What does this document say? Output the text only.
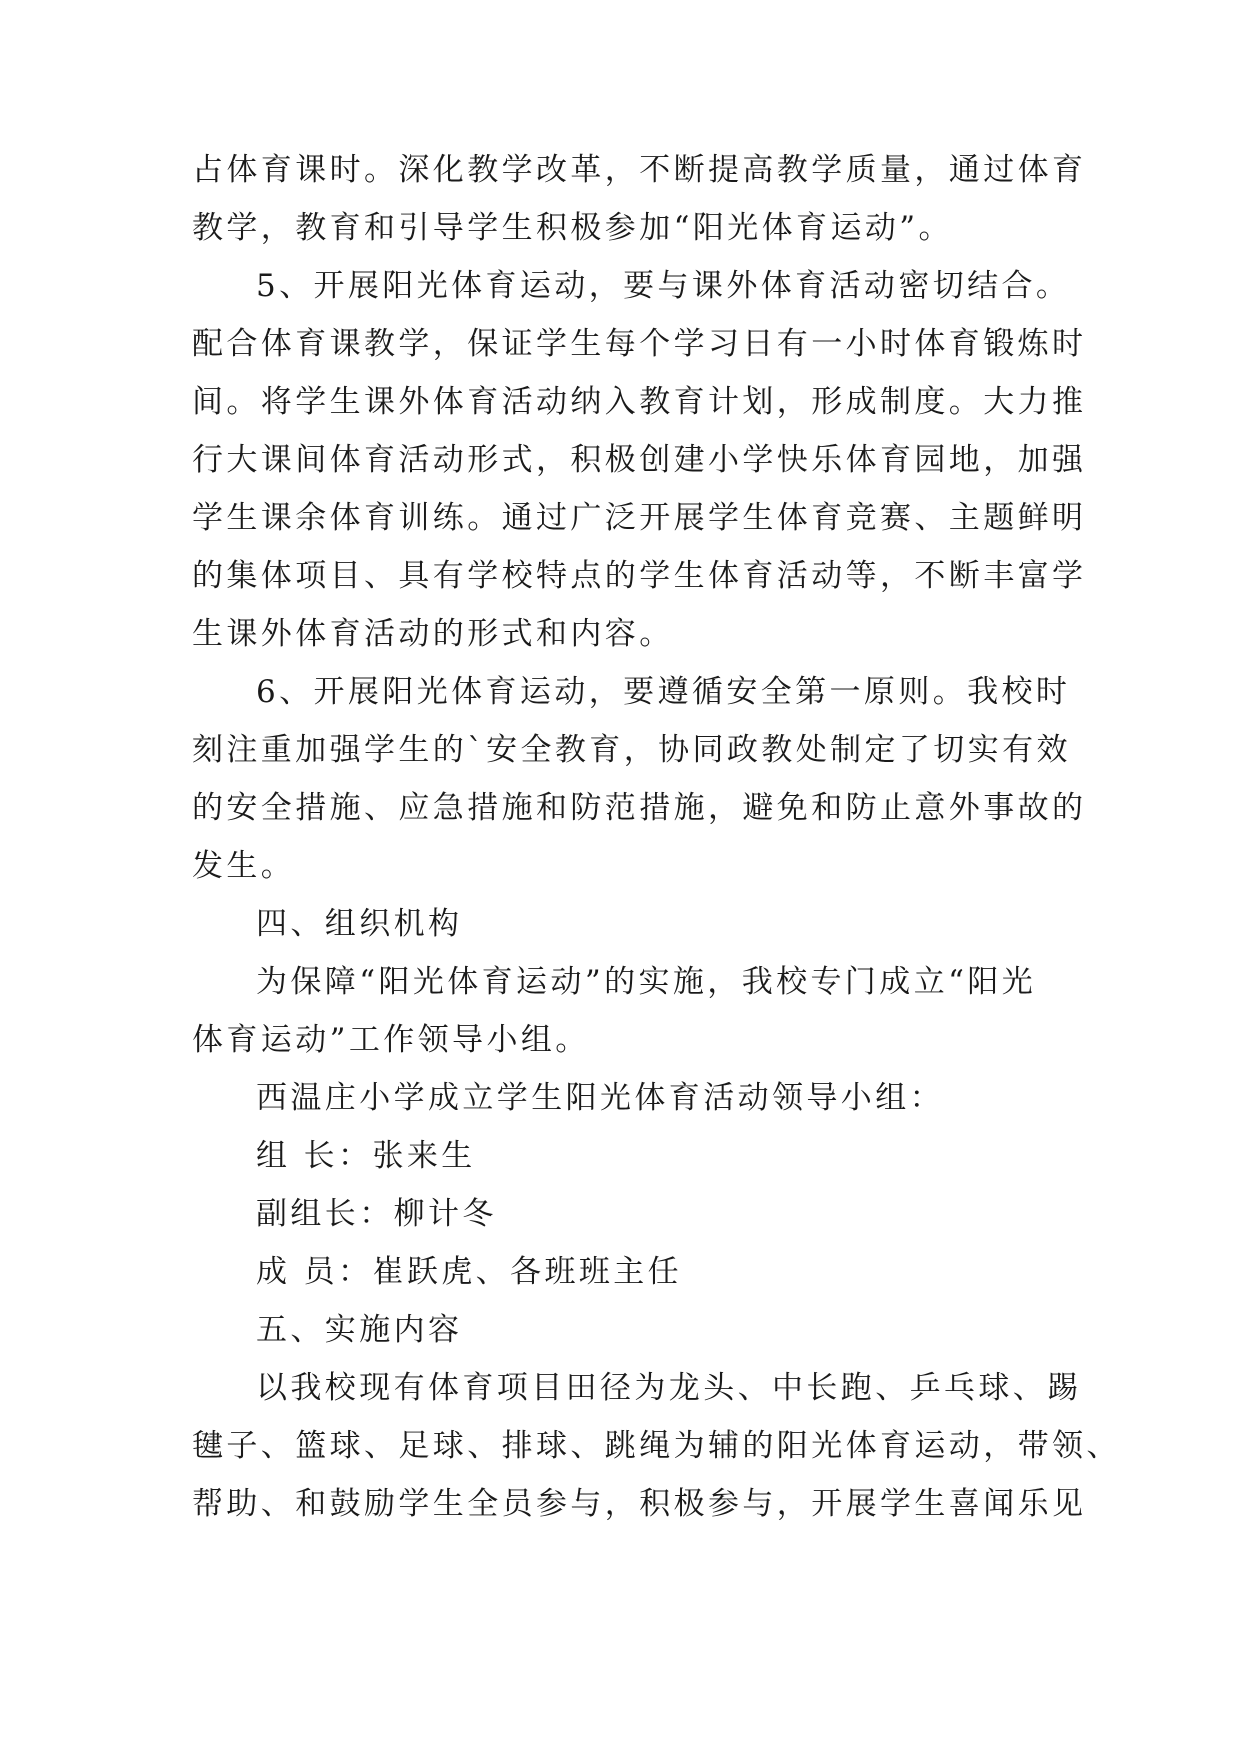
占体育课时。深化教学改革，不断提高教学质量，通过体育
教学，教育和引导学生积极参加“阳光体育运动”。
5、开展阳光体育运动，要与课外体育活动密切结合。
配合体育课教学，保证学生每个学习日有一小时体育锻炼时
间。将学生课外体育活动纳入教育计划，形成制度。大力推
行大课间体育活动形式，积极创建小学快乐体育园地，加强
学生课余体育训练。通过广泛开展学生体育竞赛、主题鲜明
的集体项目、具有学校特点的学生体育活动等，不断丰富学
生课外体育活动的形式和内容。
6、开展阳光体育运动，要遵循安全第一原则。我校时
刻注重加强学生的`安全教育，协同政教处制定了切实有效
的安全措施、应急措施和防范措施，避免和防止意外事故的
发生。
四、组织机构
为保障“阳光体育运动”的实施，我校专门成立“阳光
体育运动”工作领导小组。
西温庄小学成立学生阳光体育活动领导小组：
组 长：张来生
副组长：柳计冬
成 员：崔跃虎、各班班主任
五、实施内容
以我校现有体育项目田径为龙头、中长跑、乒乓球、踢
毽子、篮球、足球、排球、跳绳为辅的阳光体育运动，带领、
帮助、和鼓励学生全员参与，积极参与，开展学生喜闻乐见
